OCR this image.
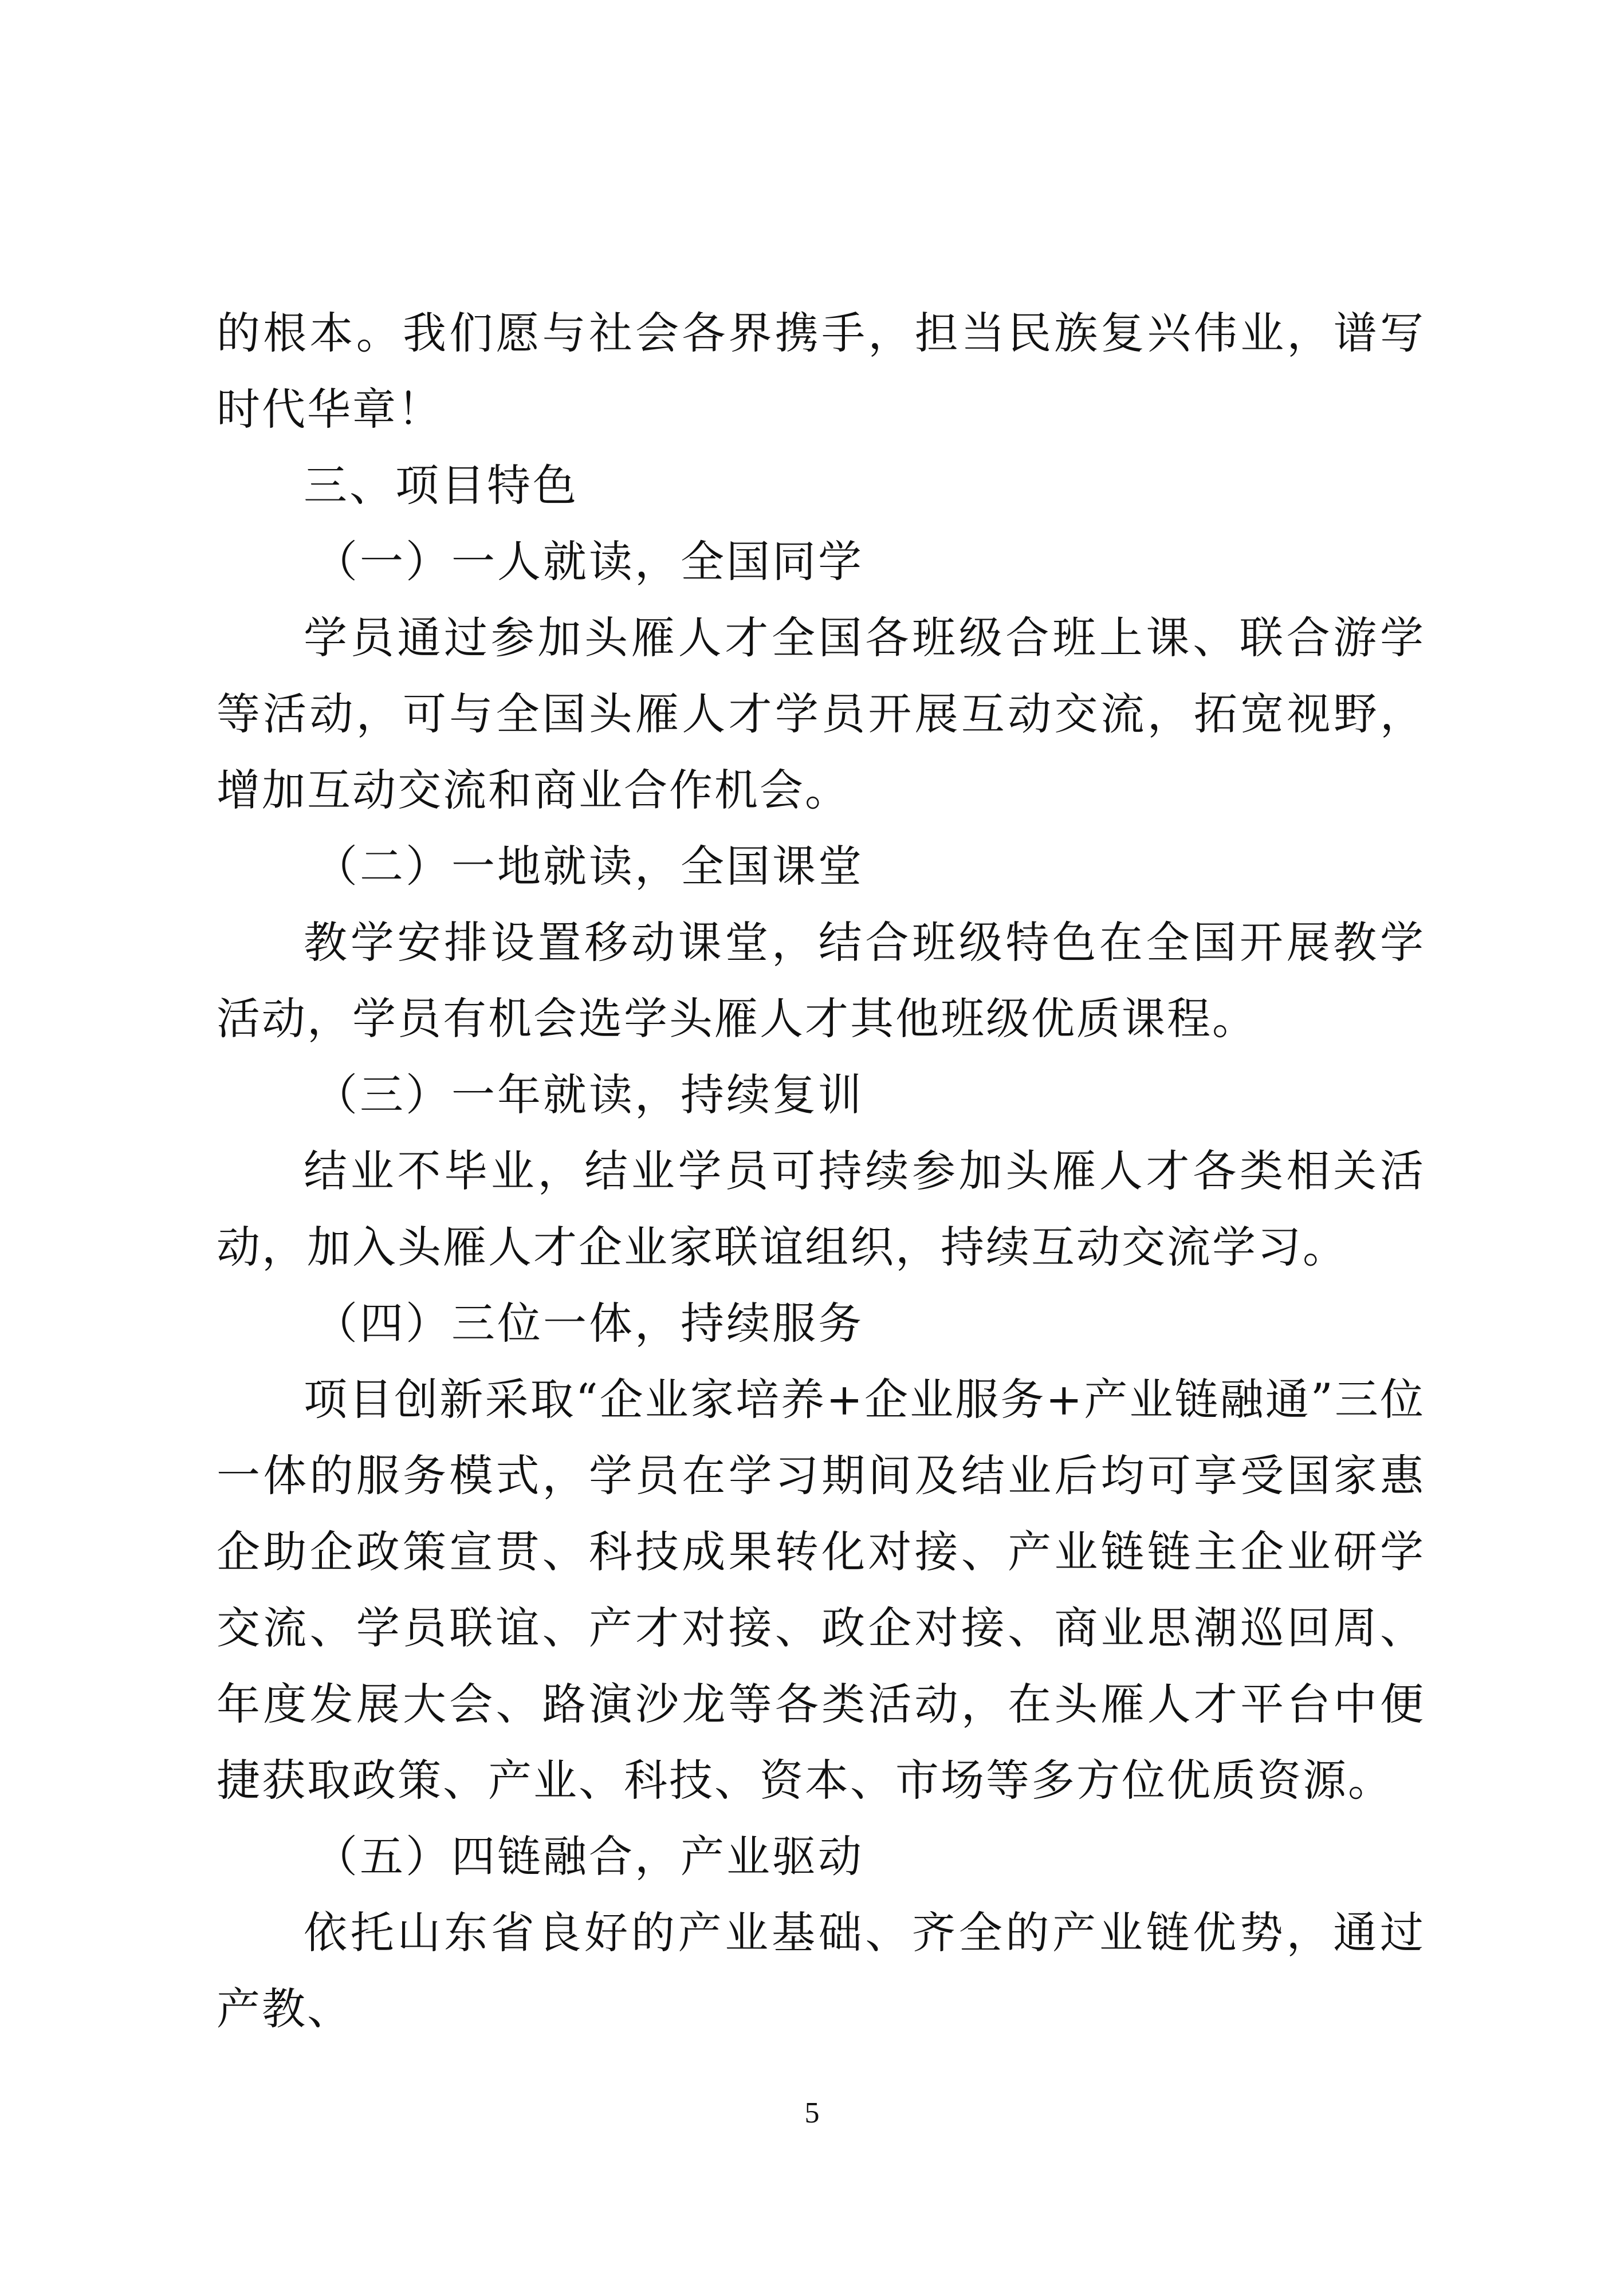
的根本。我们愿与社会各界携手，担当民族复兴伟业，谱写时代华章！

三、项目特色

（一）一人就读，全国同学

学员通过参加头雁人才全国各班级合班上课、联合游学等活动，可与全国头雁人才学员开展互动交流，拓宽视野，增加互动交流和商业合作机会。

（二）一地就读，全国课堂

教学安排设置移动课堂，结合班级特色在全国开展教学活动，学员有机会选学头雁人才其他班级优质课程。

（三）一年就读，持续复训

结业不毕业，结业学员可持续参加头雁人才各类相关活动，加入头雁人才企业家联谊组织，持续互动交流学习。

（四）三位一体，持续服务

项目创新采取“企业家培养+企业服务+产业链融通”三位一体的服务模式，学员在学习期间及结业后均可享受国家惠企助企政策宣贯、科技成果转化对接、产业链链主企业研学交流、学员联谊、产才对接、政企对接、商业思潮巡回周、年度发展大会、路演沙龙等各类活动，在头雁人才平台中便捷获取政策、产业、科技、资本、市场等多方位优质资源。

（五）四链融合，产业驱动

依托山东省良好的产业基础、齐全的产业链优势，通过产教、

5
